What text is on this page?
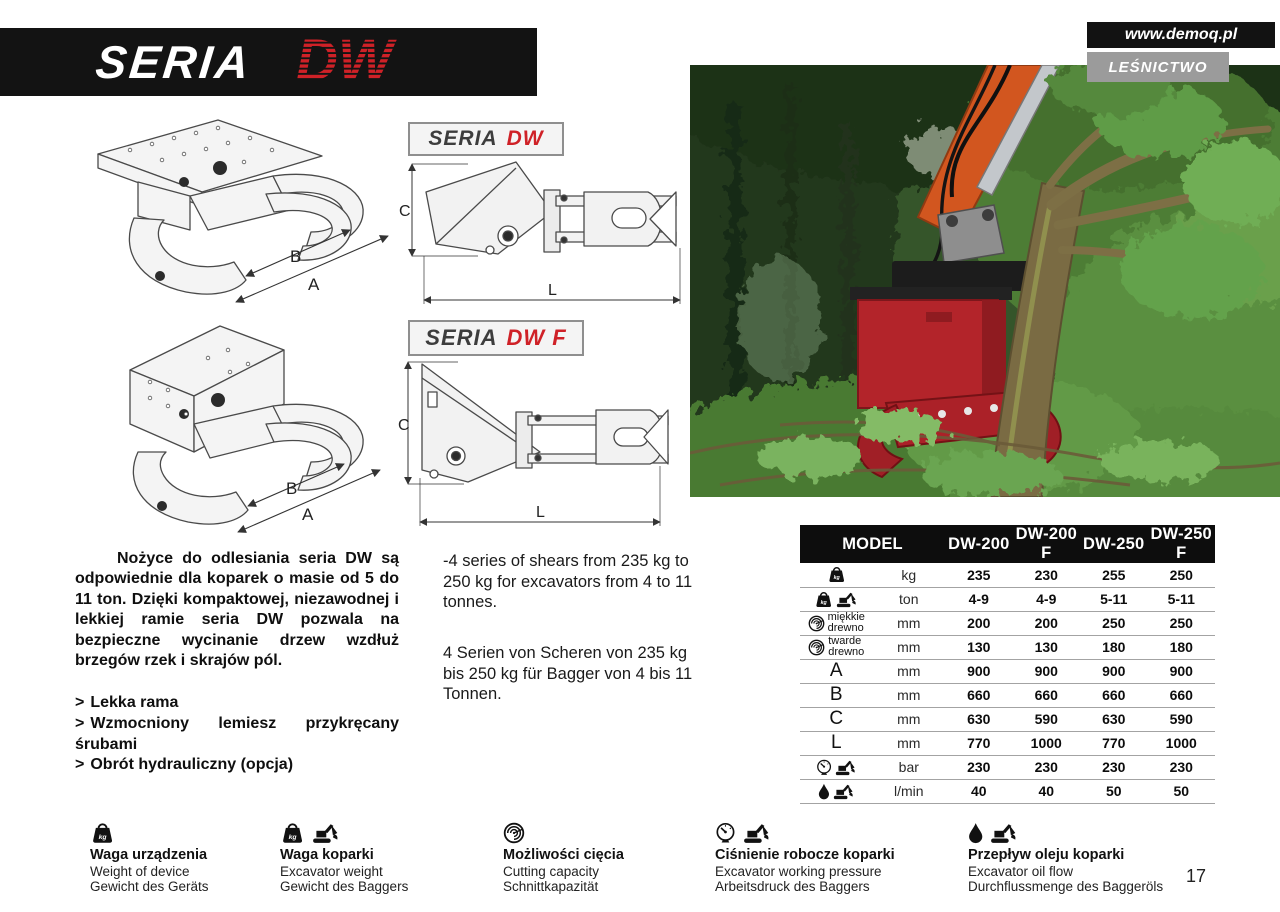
SERIA DW	www.demoq.pl
LEŚNICTWO
B
A
B
A
SERIA DW
SERIA DW F
C
L
C
L
Nożyce do odlesiania seria DW są odpowiednie dla koparek o masie od 5 do 11 ton. Dzięki kompaktowej, niezawodnej i lekkiej ramie seria DW pozwala na bezpieczne wycinanie drzew wzdłuż brzegów rzek i skrajów pól.
> Lekka rama
> Wzmocniony lemiesz przykręcany śrubami
> Obrót hydrauliczny (opcja)
-4 series of shears from 235 kg to 250 kg for excavators from 4 to 11 tonnes.
4 Serien von Scheren von 235 kg bis 250 kg für Bagger von 4 bis 11 Tonnen.
MODEL		DW-200	DW-200 F	DW-250	DW-250 F

kg	kg	235	230	255	250

kg	ton	4-9	4-9	5-11	5-11
miękkie
drewno	mm	200	200	250	250
twarde
drewno	mm	130	130	180	180
A	mm	900	900	900	900
B	mm	660	660	660	660
C	mm	630	590	630	590
L	mm	770	1000	770	1000
	bar	230	230	230	230
	l/min	40	40	50	50
kg
Waga urządzenia
Weight of device
Gewicht des Geräts
kg
Waga koparki
Excavator weight
Gewicht des Baggers
Możliwości cięcia
Cutting capacity
Schnittkapazität
Ciśnienie robocze koparki
Excavator working pressure
Arbeitsdruck des Baggers
Przepływ oleju koparki
Excavator oil flow
Durchflussmenge des Baggeröls
17
